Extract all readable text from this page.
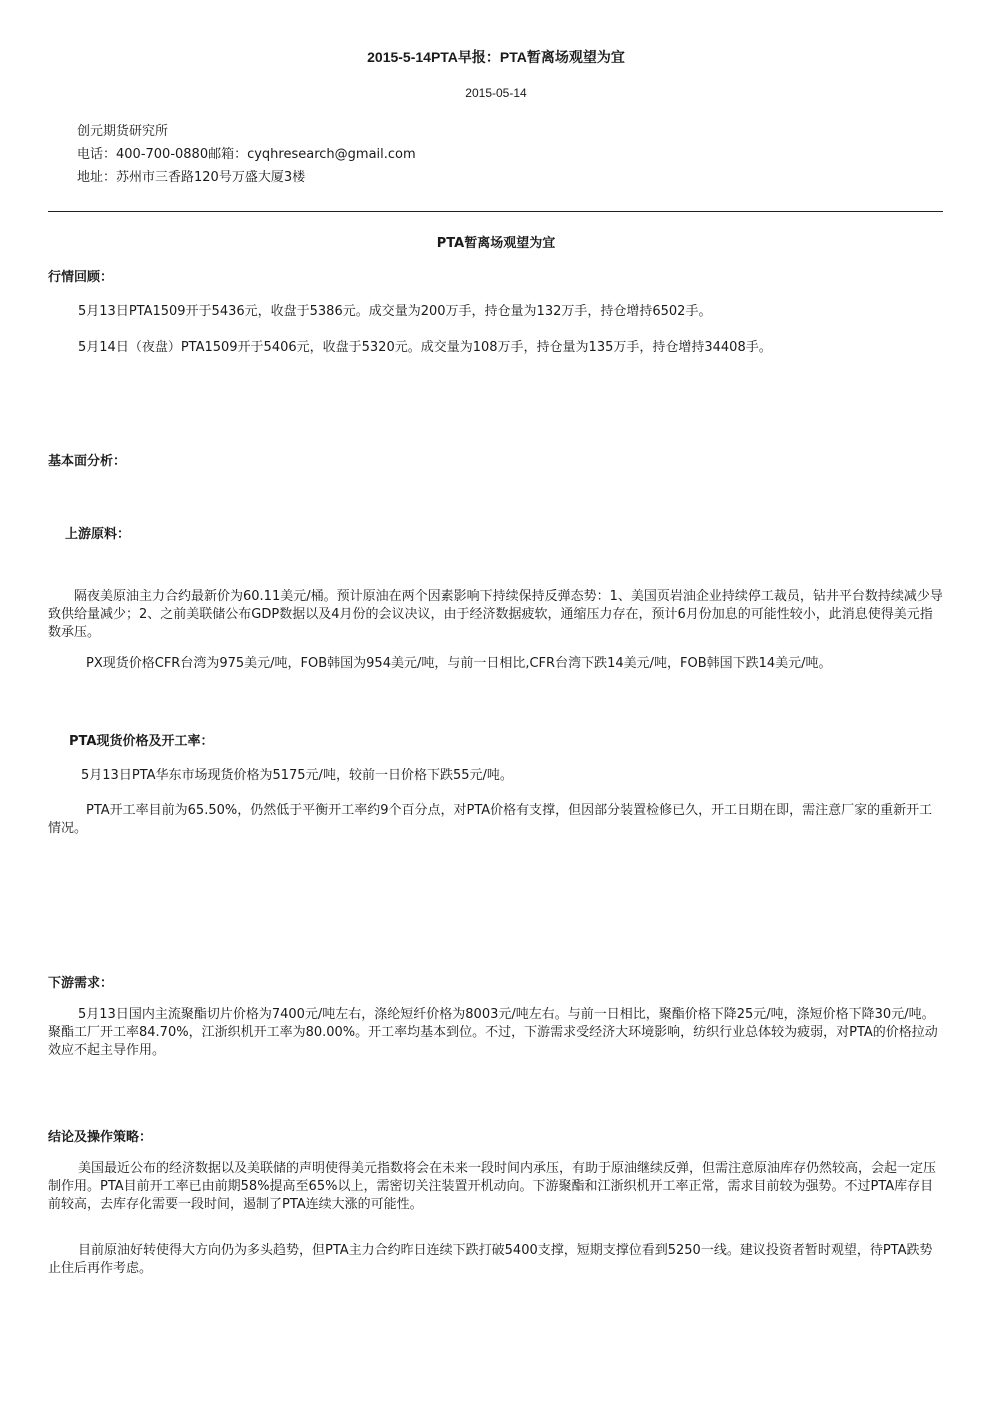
2015-5-14PTA早报：PTA暂离场观望为宜
2015-05-14
创元期货研究所
电话：400-700-0880邮箱：cyqhresearch@gmail.com
地址：苏州市三香路120号万盛大厦3楼
PTA暂离场观望为宜
行情回顾：
5月13日PTA1509开于5436元，收盘于5386元。成交量为200万手，持仓量为132万手，持仓增持6502手。
5月14日（夜盘）PTA1509开于5406元，收盘于5320元。成交量为108万手，持仓量为135万手，持仓增持34408手。
基本面分析：
上游原料：
隔夜美原油主力合约最新价为60.11美元/桶。预计原油在两个因素影响下持续保持反弹态势：1、美国页岩油企业持续停工裁员，钻井平台数持续减少导致供给量减少；2、之前美联储公布GDP数据以及4月份的会议决议，由于经济数据疲软，通缩压力存在，预计6月份加息的可能性较小，此消息使得美元指数承压。
PX现货价格CFR台湾为975美元/吨，FOB韩国为954美元/吨，与前一日相比,CFR台湾下跌14美元/吨，FOB韩国下跌14美元/吨。
PTA现货价格及开工率：
5月13日PTA华东市场现货价格为5175元/吨，较前一日价格下跌55元/吨。
PTA开工率目前为65.50%，仍然低于平衡开工率约9个百分点，对PTA价格有支撑，但因部分装置检修已久，开工日期在即，需注意厂家的重新开工情况。
下游需求：
5月13日国内主流聚酯切片价格为7400元/吨左右，涤纶短纤价格为8003元/吨左右。与前一日相比，聚酯价格下降25元/吨，涤短价格下降30元/吨。聚酯工厂开工率84.70%，江浙织机开工率为80.00%。开工率均基本到位。不过，下游需求受经济大环境影响，纺织行业总体较为疲弱，对PTA的价格拉动效应不起主导作用。
结论及操作策略：
美国最近公布的经济数据以及美联储的声明使得美元指数将会在未来一段时间内承压，有助于原油继续反弹，但需注意原油库存仍然较高，会起一定压制作用。PTA目前开工率已由前期58%提高至65%以上，需密切关注装置开机动向。下游聚酯和江浙织机开工率正常，需求目前较为强势。不过PTA库存目前较高，去库存化需要一段时间，遏制了PTA连续大涨的可能性。
目前原油好转使得大方向仍为多头趋势，但PTA主力合约昨日连续下跌打破5400支撑，短期支撑位看到5250一线。建议投资者暂时观望，待PTA跌势止住后再作考虑。
